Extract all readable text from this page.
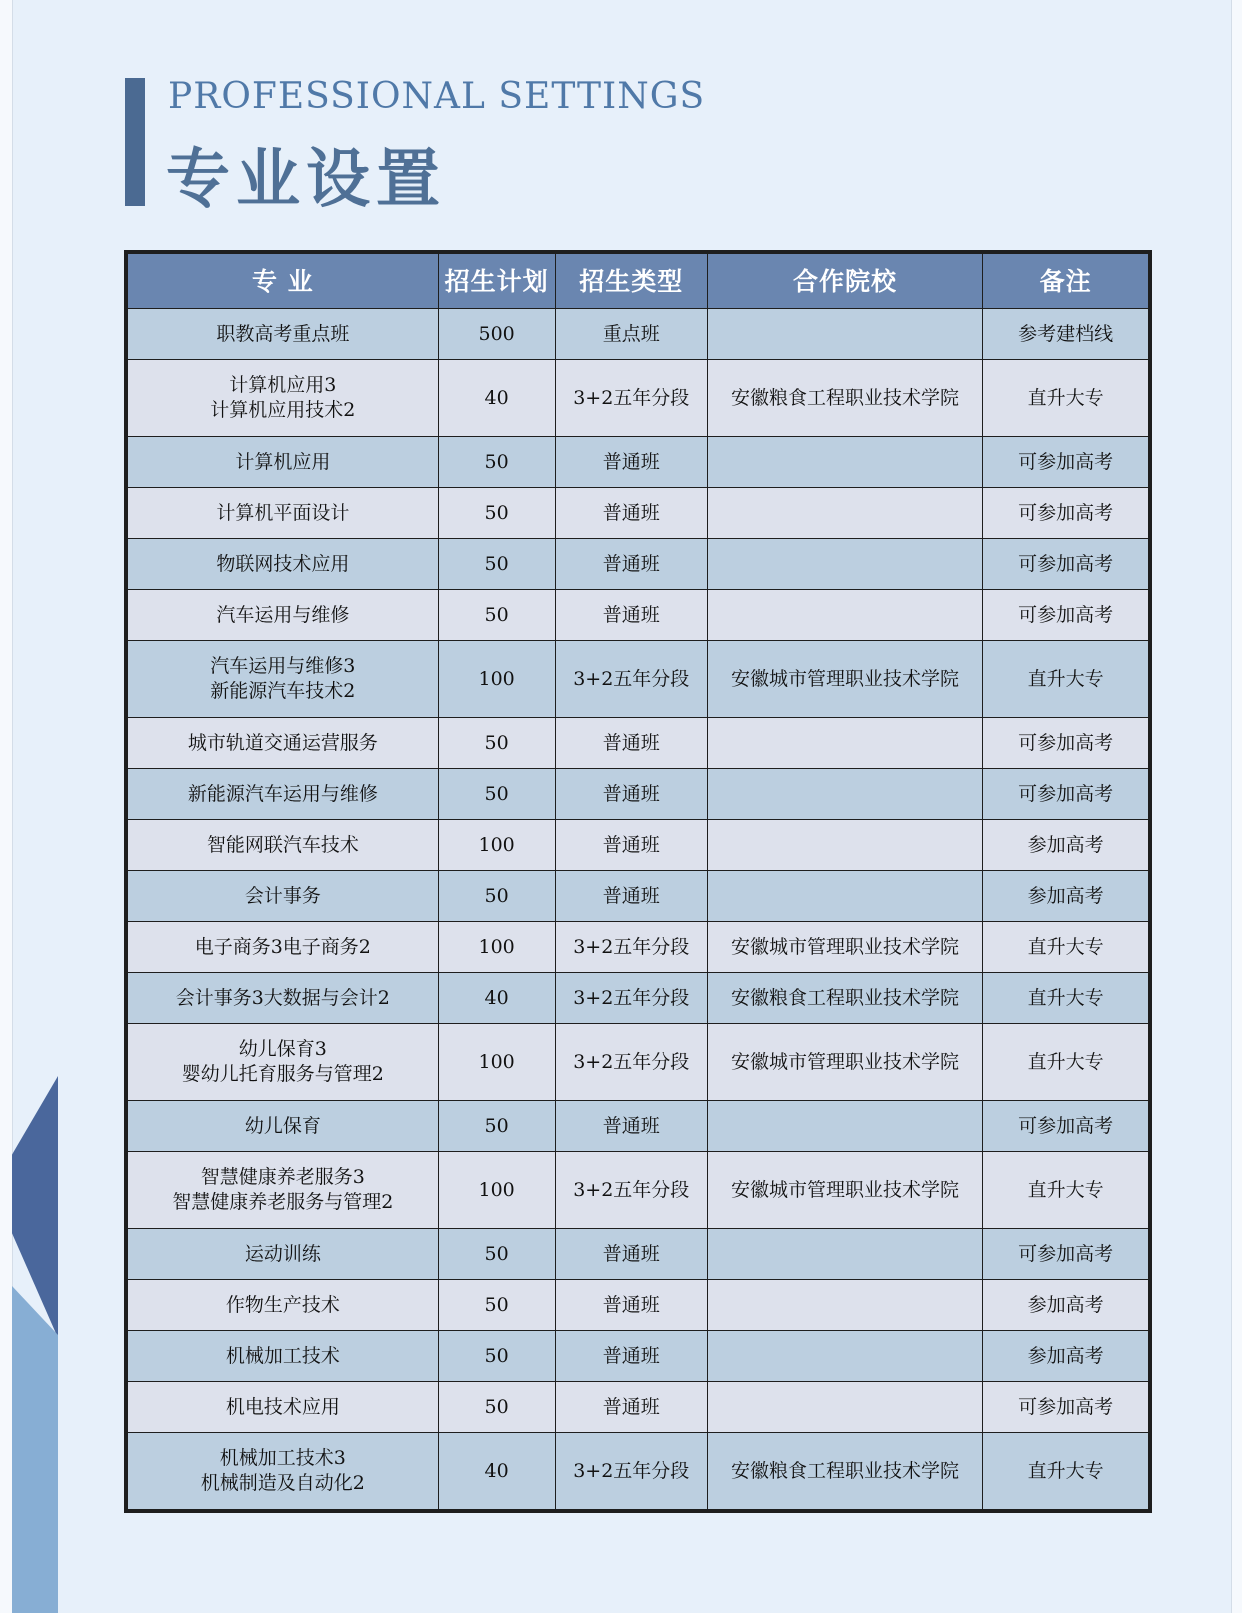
PROFESSIONAL SETTINGS
专业设置
专 业	招生计划	招生类型	合作院校	备注

职教高考重点班	500	重点班		参考建档线

计算机应用3
计算机应用技术2	40	3+2五年分段	安徽粮食工程职业技术学院	直升大专

计算机应用	50	普通班		可参加高考

计算机平面设计	50	普通班		可参加高考

物联网技术应用	50	普通班		可参加高考

汽车运用与维修	50	普通班		可参加高考

汽车运用与维修3
新能源汽车技术2	100	3+2五年分段	安徽城市管理职业技术学院	直升大专

城市轨道交通运营服务	50	普通班		可参加高考

新能源汽车运用与维修	50	普通班		可参加高考

智能网联汽车技术	100	普通班		参加高考

会计事务	50	普通班		参加高考

电子商务3电子商务2	100	3+2五年分段	安徽城市管理职业技术学院	直升大专

会计事务3大数据与会计2	40	3+2五年分段	安徽粮食工程职业技术学院	直升大专

幼儿保育3
婴幼儿托育服务与管理2	100	3+2五年分段	安徽城市管理职业技术学院	直升大专

幼儿保育	50	普通班		可参加高考

智慧健康养老服务3
智慧健康养老服务与管理2	100	3+2五年分段	安徽城市管理职业技术学院	直升大专

运动训练	50	普通班		可参加高考

作物生产技术	50	普通班		参加高考

机械加工技术	50	普通班		参加高考

机电技术应用	50	普通班		可参加高考

机械加工技术3
机械制造及自动化2	40	3+2五年分段	安徽粮食工程职业技术学院	直升大专
